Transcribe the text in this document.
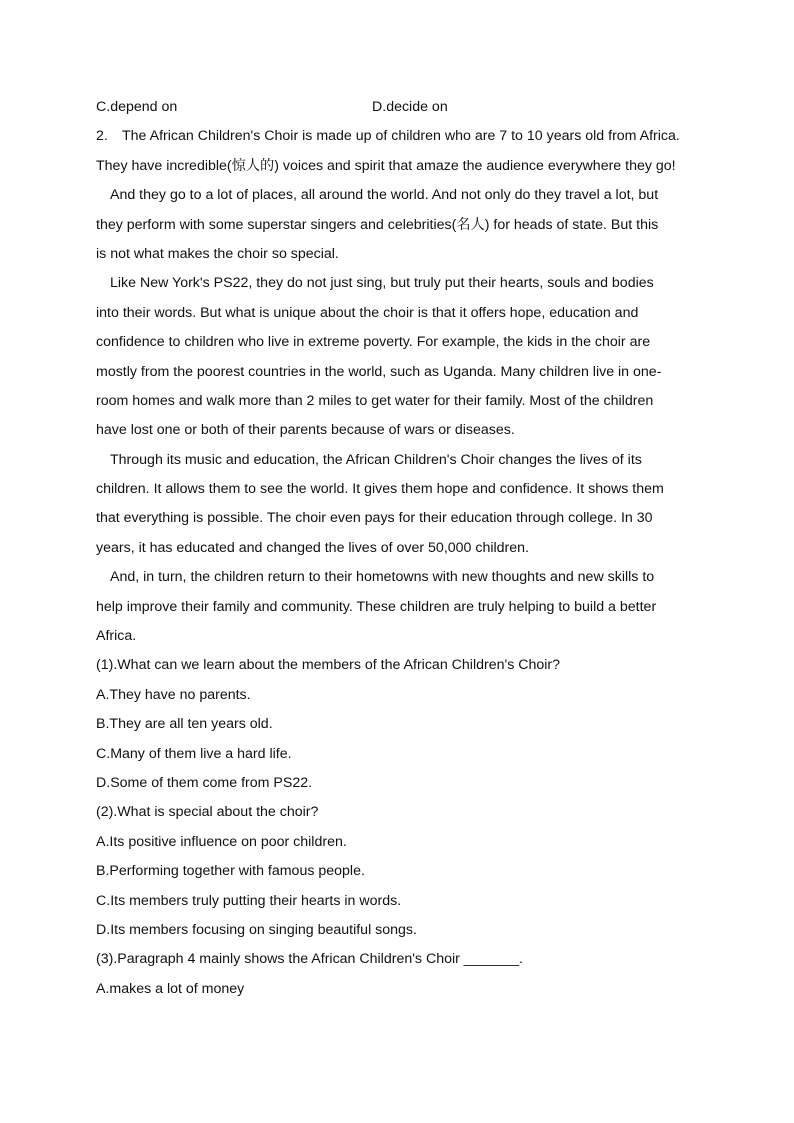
C.depend on	D.decide on
2. The African Children's Choir is made up of children who are 7 to 10 years old from Africa.
They have incredible(惊人的) voices and spirit that amaze the audience everywhere they go!
And they go to a lot of places, all around the world. And not only do they travel a lot, but
they perform with some superstar singers and celebrities(名人) for heads of state. But this
is not what makes the choir so special.
Like New York's PS22, they do not just sing, but truly put their hearts, souls and bodies
into their words. But what is unique about the choir is that it offers hope, education and
confidence to children who live in extreme poverty. For example, the kids in the choir are
mostly from the poorest countries in the world, such as Uganda. Many children live in one-
room homes and walk more than 2 miles to get water for their family. Most of the children
have lost one or both of their parents because of wars or diseases.
Through its music and education, the African Children's Choir changes the lives of its
children. It allows them to see the world. It gives them hope and confidence. It shows them
that everything is possible. The choir even pays for their education through college. In 30
years, it has educated and changed the lives of over 50,000 children.
And, in turn, the children return to their hometowns with new thoughts and new skills to
help improve their family and community. These children are truly helping to build a better
Africa.
(1).What can we learn about the members of the African Children's Choir?
A.They have no parents.
B.They are all ten years old.
C.Many of them live a hard life.
D.Some of them come from PS22.
(2).What is special about the choir?
A.Its positive influence on poor children.
B.Performing together with famous people.
C.Its members truly putting their hearts in words.
D.Its members focusing on singing beautiful songs.
(3).Paragraph 4 mainly shows the African Children's Choir _______.
A.makes a lot of money
